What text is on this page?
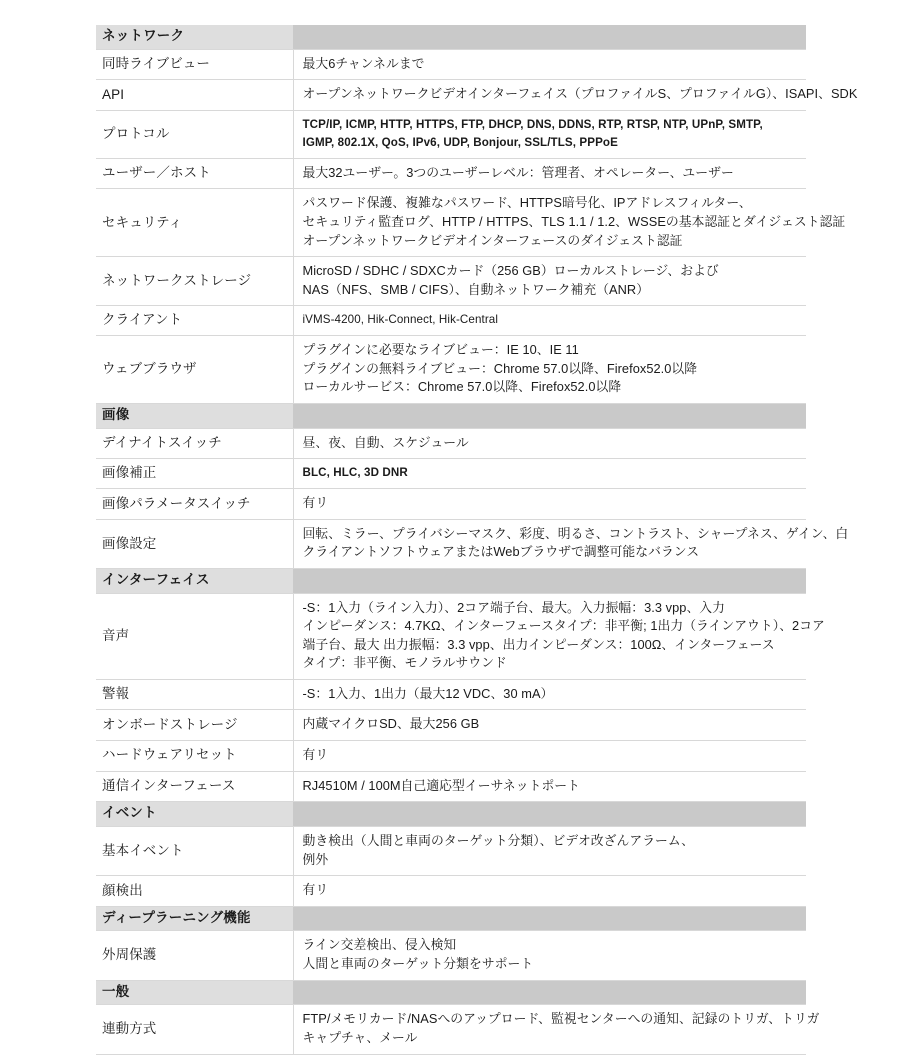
ネットワーク	
同時ライブビュー	最大6チャンネルまで

API	オープンネットワークビデオインターフェイス（プロファイルS、プロファイルG）、ISAPI、SDK

プロトコル	TCP/IP, ICMP, HTTP, HTTPS, FTP, DHCP, DNS, DDNS, RTP, RTSP, NTP, UPnP, SMTP,
IGMP, 802.1X, QoS, IPv6, UDP, Bonjour, SSL/TLS, PPPoE

ユーザー／ホスト	最大32ユーザー。3つのユーザーレベル：管理者、オペレーター、ユーザー

セキュリティ	パスワード保護、複雑なパスワード、HTTPS暗号化、IPアドレスフィルター、
セキュリティ監査ログ、HTTP / HTTPS、TLS 1.1 / 1.2、WSSEの基本認証とダイジェスト認証
オープンネットワークビデオインターフェースのダイジェスト認証

ネットワークストレージ	MicroSD / SDHC / SDXCカード（256 GB）ローカルストレージ、および
NAS（NFS、SMB / CIFS）、自動ネットワーク補充（ANR）

クライアント	iVMS-4200, Hik-Connect, Hik-Central

ウェブブラウザ	プラグインに必要なライブビュー：IE 10、IE 11
プラグインの無料ライブビュー：Chrome 57.0以降、Firefox52.0以降
ローカルサービス：Chrome 57.0以降、Firefox52.0以降

画像	
デイナイトスイッチ	昼、夜、自動、スケジュール

画像補正	BLC, HLC, 3D DNR

画像パラメータスイッチ	有リ

画像設定	回転、ミラー、プライバシーマスク、彩度、明るさ、コントラスト、シャープネス、ゲイン、白
クライアントソフトウェアまたはWebブラウザで調整可能なバランス

インターフェイス	
音声	-S：1入力（ライン入力）、2コア端子台、最大。入力振幅：3.3 vpp、入力
インピーダンス：4.7KΩ、インターフェースタイプ：非平衡; 1出力（ラインアウト）、2コア
端子台、最大 出力振幅：3.3 vpp、出力インピーダンス：100Ω、インターフェース
タイプ：非平衡、モノラルサウンド

警報	-S：1入力、1出力（最大12 VDC、30 mA）

オンボードストレージ	内蔵マイクロSD、最大256 GB

ハードウェアリセット	有リ

通信インターフェース	RJ4510M / 100M自己適応型イーサネットポート

イベント	
基本イベント	動き検出（人間と車両のターゲット分類）、ビデオ改ざんアラーム、
例外

顔検出	有リ

ディープラーニング機能	
外周保護	ライン交差検出、侵入検知
人間と車両のターゲット分類をサポート

一般	
連動方式	FTP/メモリカード/NASへのアップロード、監視センターへの通知、記録のトリガ、トリガ
キャプチャ、メール
